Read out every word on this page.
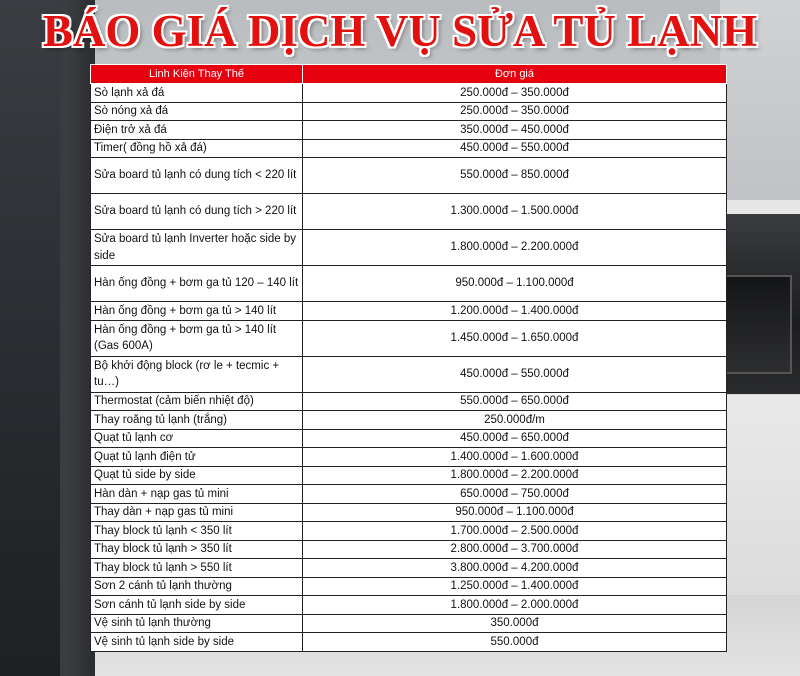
BÁO GIÁ DỊCH VỤ SỬA TỦ LẠNH
Linh Kiện Thay Thế	Đơn giá
Sò lạnh xả đá	250.000đ – 350.000đ
Sò nóng xả đá	250.000đ – 350.000đ
Điện trở xả đá	350.000đ – 450.000đ
Timer( đồng hồ xả đá)	450.000đ – 550.000đ
Sửa board tủ lạnh có dung tích < 220 lít	550.000đ – 850.000đ
Sửa board tủ lạnh có dung tích > 220 lít	1.300.000đ – 1.500.000đ
Sửa board tủ lạnh Inverter hoặc side by side	1.800.000đ – 2.200.000đ
Hàn ống đồng + bơm ga tủ 120 – 140 lít	950.000đ – 1.100.000đ
Hàn ống đồng + bơm ga tủ > 140 lít	1.200.000đ – 1.400.000đ
Hàn ống đồng + bơm ga tủ > 140 lít (Gas 600A)	1.450.000đ – 1.650.000đ
Bộ khởi động block (rơ le + tecmic + tu…)	450.000đ – 550.000đ
Thermostat (cảm biến nhiệt độ)	550.000đ – 650.000đ
Thay roăng tủ lạnh (trắng)	250.000đ/m
Quạt tủ lạnh cơ	450.000đ – 650.000đ
Quạt tủ lạnh điện tử	1.400.000đ – 1.600.000đ
Quạt tủ side by side	1.800.000đ – 2.200.000đ
Hàn dàn + nạp gas tủ mini	650.000đ – 750.000đ
Thay dàn + nạp gas tủ mini	950.000đ – 1.100.000đ
Thay block tủ lạnh < 350 lít	1.700.000đ – 2.500.000đ
Thay block tủ lạnh > 350 lít	2.800.000đ – 3.700.000đ
Thay block tủ lạnh > 550 lít	3.800.000đ – 4.200.000đ
Sơn 2 cánh tủ lạnh thường	1.250.000đ – 1.400.000đ
Sơn cánh tủ lạnh side by side	1.800.000đ – 2.000.000đ
Vệ sinh tủ lạnh thường	350.000đ
Vệ sinh tủ lạnh side by side	550.000đ
